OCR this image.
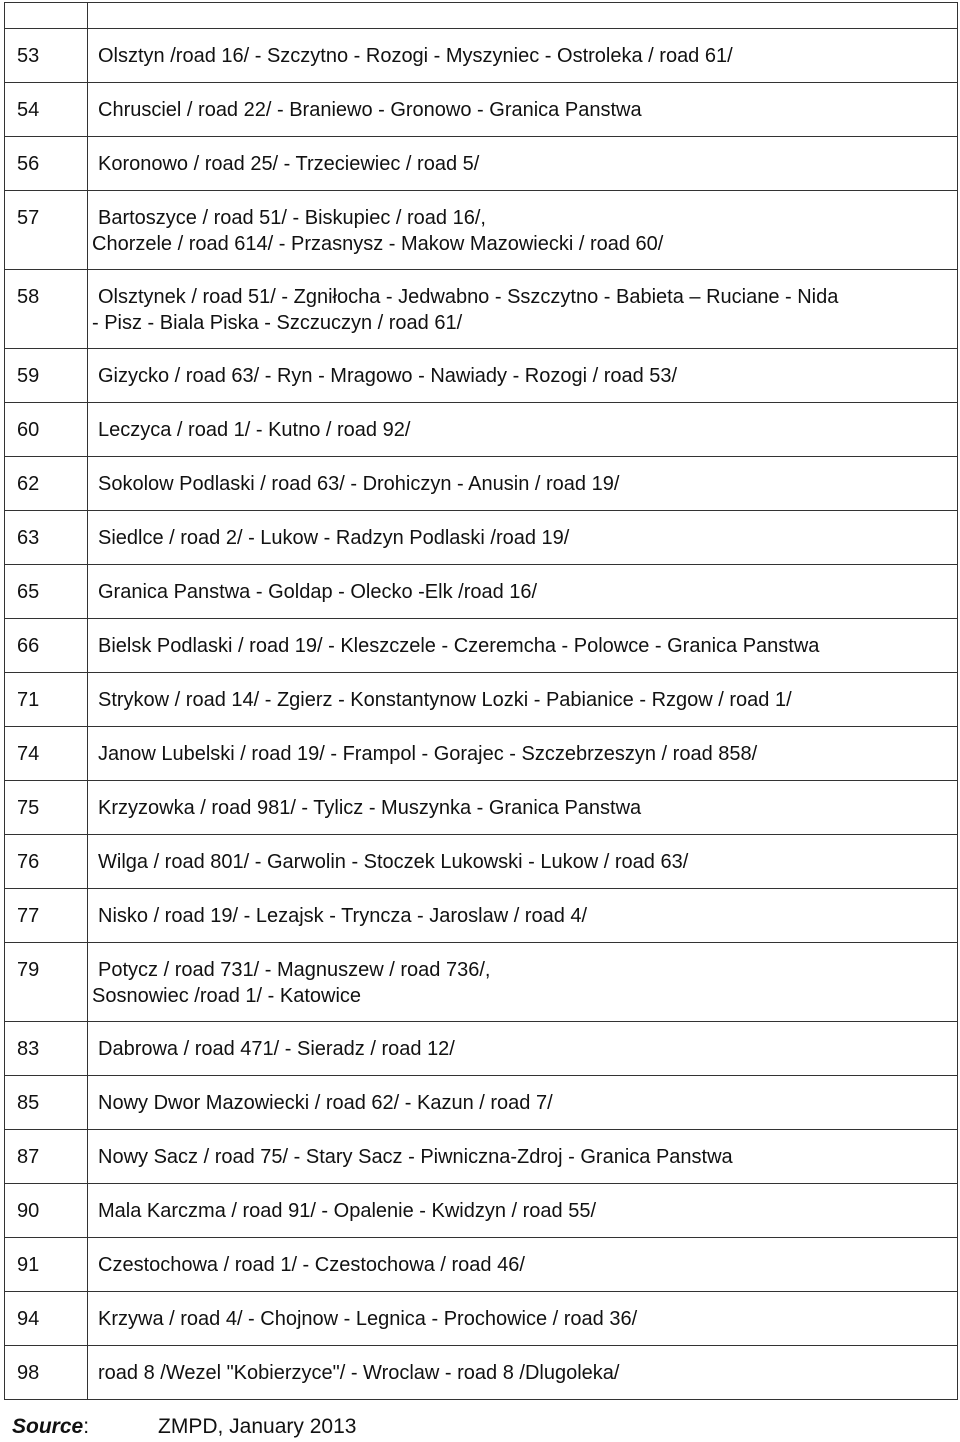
53	Olsztyn /road 16/ - Szczytno - Rozogi - Myszyniec - Ostroleka / road 61/

54	Chrusciel / road 22/ - Braniewo - Gronowo - Granica Panstwa

56	Koronowo / road 25/ - Trzeciewiec / road 5/

57	Bartoszyce / road 51/ - Biskupiec / road 16/,
Chorzele / road 614/ - Przasnysz - Makow Mazowiecki / road 60/

58	Olsztynek / road 51/ - Zgniłocha - Jedwabno - Sszczytno - Babieta – Ruciane - Nida
- Pisz - Biala Piska - Szczuczyn / road 61/

59	Gizycko / road 63/ - Ryn - Mragowo - Nawiady - Rozogi / road 53/

60	Leczyca / road 1/ - Kutno / road 92/

62	Sokolow Podlaski / road 63/ - Drohiczyn - Anusin / road 19/

63	Siedlce / road 2/ - Lukow - Radzyn Podlaski /road 19/

65	Granica Panstwa - Goldap - Olecko -Elk /road 16/

66	Bielsk Podlaski / road 19/ - Kleszczele - Czeremcha - Polowce - Granica Panstwa

71	Strykow / road 14/ - Zgierz - Konstantynow Lozki - Pabianice - Rzgow / road 1/

74	Janow Lubelski / road 19/ - Frampol - Gorajec - Szczebrzeszyn / road 858/

75	Krzyzowka / road 981/ - Tylicz - Muszynka - Granica Panstwa

76	Wilga / road 801/ - Garwolin - Stoczek Lukowski - Lukow / road 63/

77	Nisko / road 19/ - Lezajsk - Tryncza - Jaroslaw / road 4/

79	Potycz / road 731/ - Magnuszew / road 736/,
Sosnowiec /road 1/ - Katowice

83	Dabrowa / road 471/ - Sieradz / road 12/

85	Nowy Dwor Mazowiecki / road 62/ - Kazun / road 7/

87	Nowy Sacz / road 75/ - Stary Sacz - Piwniczna-Zdroj - Granica Panstwa

90	Mala Karczma / road 91/ - Opalenie - Kwidzyn / road 55/

91	Czestochowa / road 1/ - Czestochowa / road 46/

94	Krzywa / road 4/ - Chojnow - Legnica - Prochowice / road 36/

98	road 8 /Wezel "Kobierzyce"/ - Wroclaw - road 8 /Dlugoleka/
Source:	ZMPD, January 2013
